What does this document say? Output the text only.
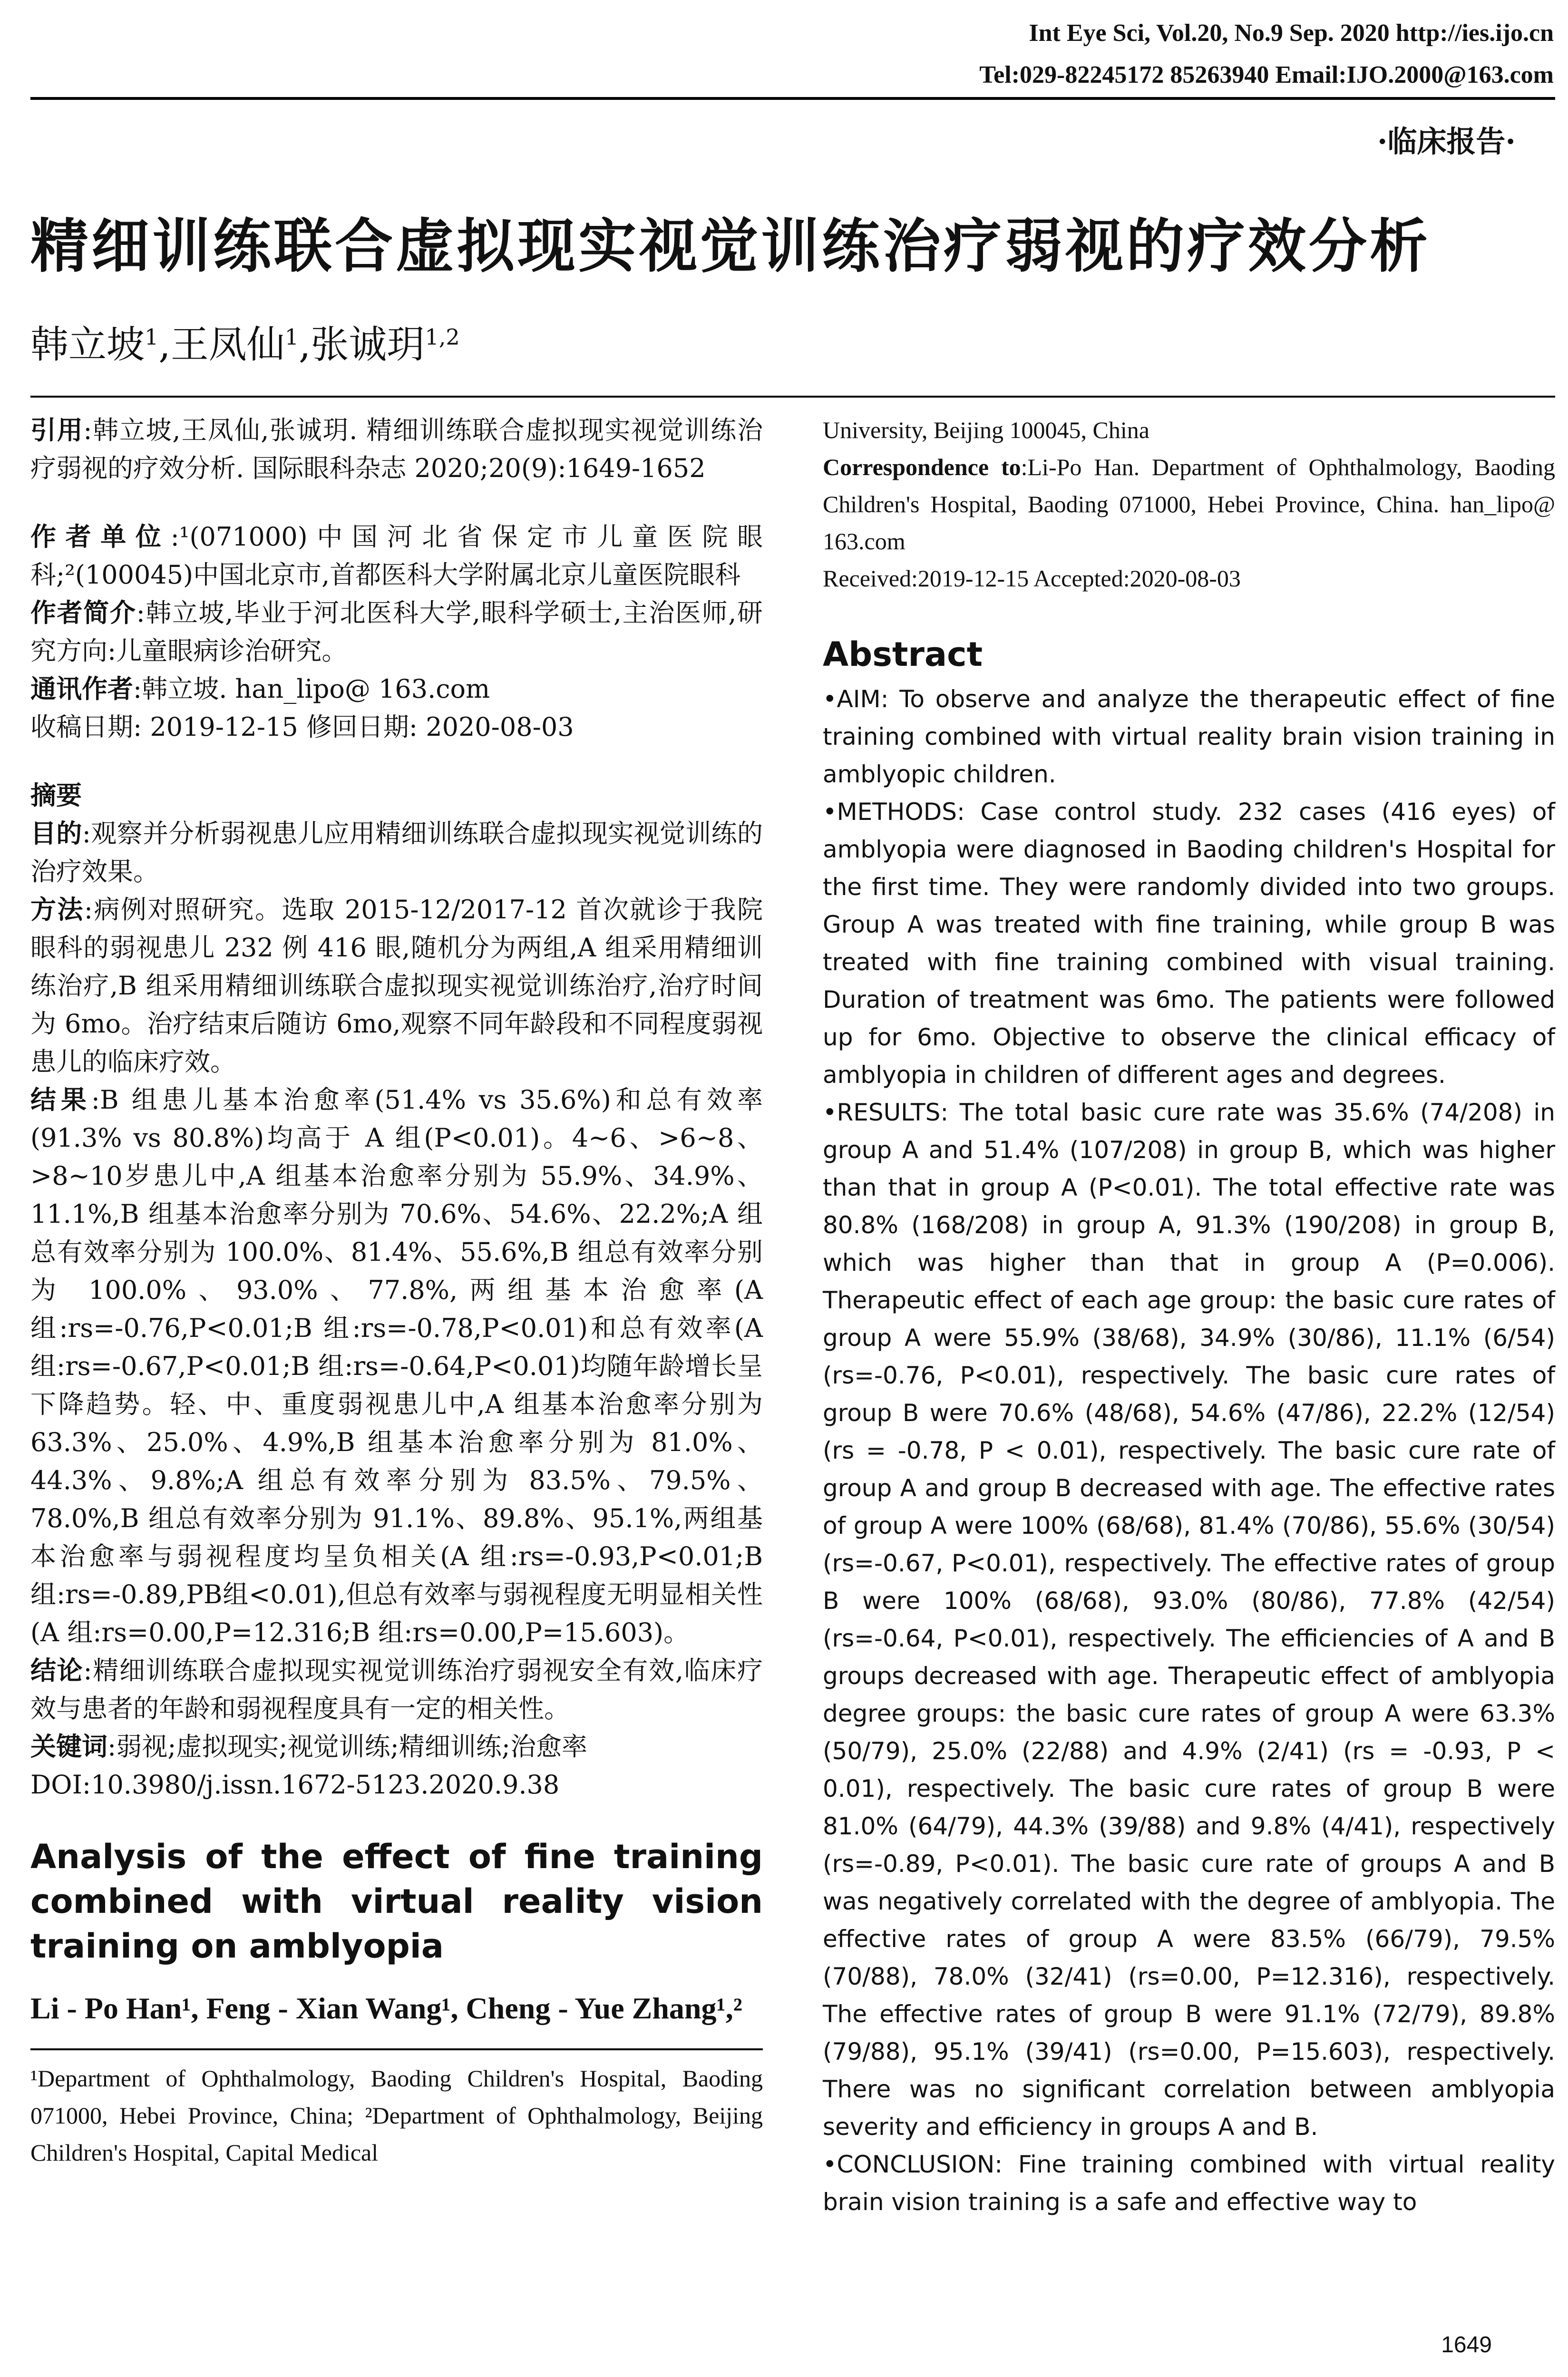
Int Eye Sci, Vol.20, No.9 Sep. 2020 http://ies.ijo.cn
Tel:029-82245172 85263940 Email:IJO.2000@163.com
·临床报告·
精细训练联合虚拟现实视觉训练治疗弱视的疗效分析
韩立坡$^1$,王凤仙$^1$,张诚玥$^{1,2}$
引用:韩立坡,王凤仙,张诚玥. 精细训练联合虚拟现实视觉训练治疗弱视的疗效分析. 国际眼科杂志 2020;20(9):1649-1652
作者单位:¹(071000)中国河北省保定市儿童医院眼科;²(100045)中国北京市,首都医科大学附属北京儿童医院眼科
作者简介:韩立坡,毕业于河北医科大学,眼科学硕士,主治医师,研究方向:儿童眼病诊治研究。
通讯作者:韩立坡. han_lipo@ 163.com
收稿日期: 2019-12-15 修回日期: 2020-08-03
摘要
目的:观察并分析弱视患儿应用精细训练联合虚拟现实视觉训练的治疗效果。
方法:病例对照研究。选取 2015-12/2017-12 首次就诊于我院眼科的弱视患儿 232 例 416 眼,随机分为两组,A 组采用精细训练治疗,B 组采用精细训练联合虚拟现实视觉训练治疗,治疗时间为 6mo。治疗结束后随访 6mo,观察不同年龄段和不同程度弱视患儿的临床疗效。
结果:B 组患儿基本治愈率(51.4% vs 35.6%)和总有效率(91.3% vs 80.8%)均高于 A 组(P<0.01)。4~6、>6~8、>8~10岁患儿中,A 组基本治愈率分别为 55.9%、34.9%、11.1%,B 组基本治愈率分别为 70.6%、54.6%、22.2%;A 组总有效率分别为 100.0%、81.4%、55.6%,B 组总有效率分别为 100.0%、93.0%、77.8%,两组基本治愈率(A 组:rs=-0.76,P<0.01;B 组:rs=-0.78,P<0.01)和总有效率(A 组:rs=-0.67,P<0.01;B 组:rs=-0.64,P<0.01)均随年龄增长呈下降趋势。轻、中、重度弱视患儿中,A 组基本治愈率分别为 63.3%、25.0%、4.9%,B 组基本治愈率分别为 81.0%、44.3%、9.8%;A 组总有效率分别为 83.5%、79.5%、78.0%,B 组总有效率分别为 91.1%、89.8%、95.1%,两组基本治愈率与弱视程度均呈负相关(A 组:rs=-0.93,P<0.01;B 组:rs=-0.89,PB组<0.01),但总有效率与弱视程度无明显相关性(A 组:rs=0.00,P=12.316;B 组:rs=0.00,P=15.603)。
结论:精细训练联合虚拟现实视觉训练治疗弱视安全有效,临床疗效与患者的年龄和弱视程度具有一定的相关性。
关键词:弱视;虚拟现实;视觉训练;精细训练;治愈率
DOI:10.3980/j.issn.1672-5123.2020.9.38
Analysis of the effect of fine training combined with virtual reality vision training on amblyopia
Li - Po Han¹, Feng - Xian Wang¹, Cheng - Yue Zhang¹,²
¹Department of Ophthalmology, Baoding Children's Hospital, Baoding 071000, Hebei Province, China; ²Department of Ophthalmology, Beijing Children's Hospital, Capital Medical
University, Beijing 100045, China
Correspondence to:Li-Po Han. Department of Ophthalmology, Baoding Children's Hospital, Baoding 071000, Hebei Province, China. han_lipo@ 163.com
Received:2019-12-15 Accepted:2020-08-03
Abstract
•AIM: To observe and analyze the therapeutic effect of fine training combined with virtual reality brain vision training in amblyopic children.
•METHODS: Case control study. 232 cases (416 eyes) of amblyopia were diagnosed in Baoding children's Hospital for the first time. They were randomly divided into two groups. Group A was treated with fine training, while group B was treated with fine training combined with visual training. Duration of treatment was 6mo. The patients were followed up for 6mo. Objective to observe the clinical efficacy of amblyopia in children of different ages and degrees.
•RESULTS: The total basic cure rate was 35.6% (74/208) in group A and 51.4% (107/208) in group B, which was higher than that in group A (P<0.01). The total effective rate was 80.8% (168/208) in group A, 91.3% (190/208) in group B, which was higher than that in group A (P=0.006). Therapeutic effect of each age group: the basic cure rates of group A were 55.9% (38/68), 34.9% (30/86), 11.1% (6/54) (rs=-0.76, P<0.01), respectively. The basic cure rates of group B were 70.6% (48/68), 54.6% (47/86), 22.2% (12/54) (rs = -0.78, P < 0.01), respectively. The basic cure rate of group A and group B decreased with age. The effective rates of group A were 100% (68/68), 81.4% (70/86), 55.6% (30/54) (rs=-0.67, P<0.01), respectively. The effective rates of group B were 100% (68/68), 93.0% (80/86), 77.8% (42/54) (rs=-0.64, P<0.01), respectively. The efficiencies of A and B groups decreased with age. Therapeutic effect of amblyopia degree groups: the basic cure rates of group A were 63.3% (50/79), 25.0% (22/88) and 4.9% (2/41) (rs = -0.93, P < 0.01), respectively. The basic cure rates of group B were 81.0% (64/79), 44.3% (39/88) and 9.8% (4/41), respectively (rs=-0.89, P<0.01). The basic cure rate of groups A and B was negatively correlated with the degree of amblyopia. The effective rates of group A were 83.5% (66/79), 79.5% (70/88), 78.0% (32/41) (rs=0.00, P=12.316), respectively. The effective rates of group B were 91.1% (72/79), 89.8% (79/88), 95.1% (39/41) (rs=0.00, P=15.603), respectively. There was no significant correlation between amblyopia severity and efficiency in groups A and B.
•CONCLUSION: Fine training combined with virtual reality brain vision training is a safe and effective way to
1649
